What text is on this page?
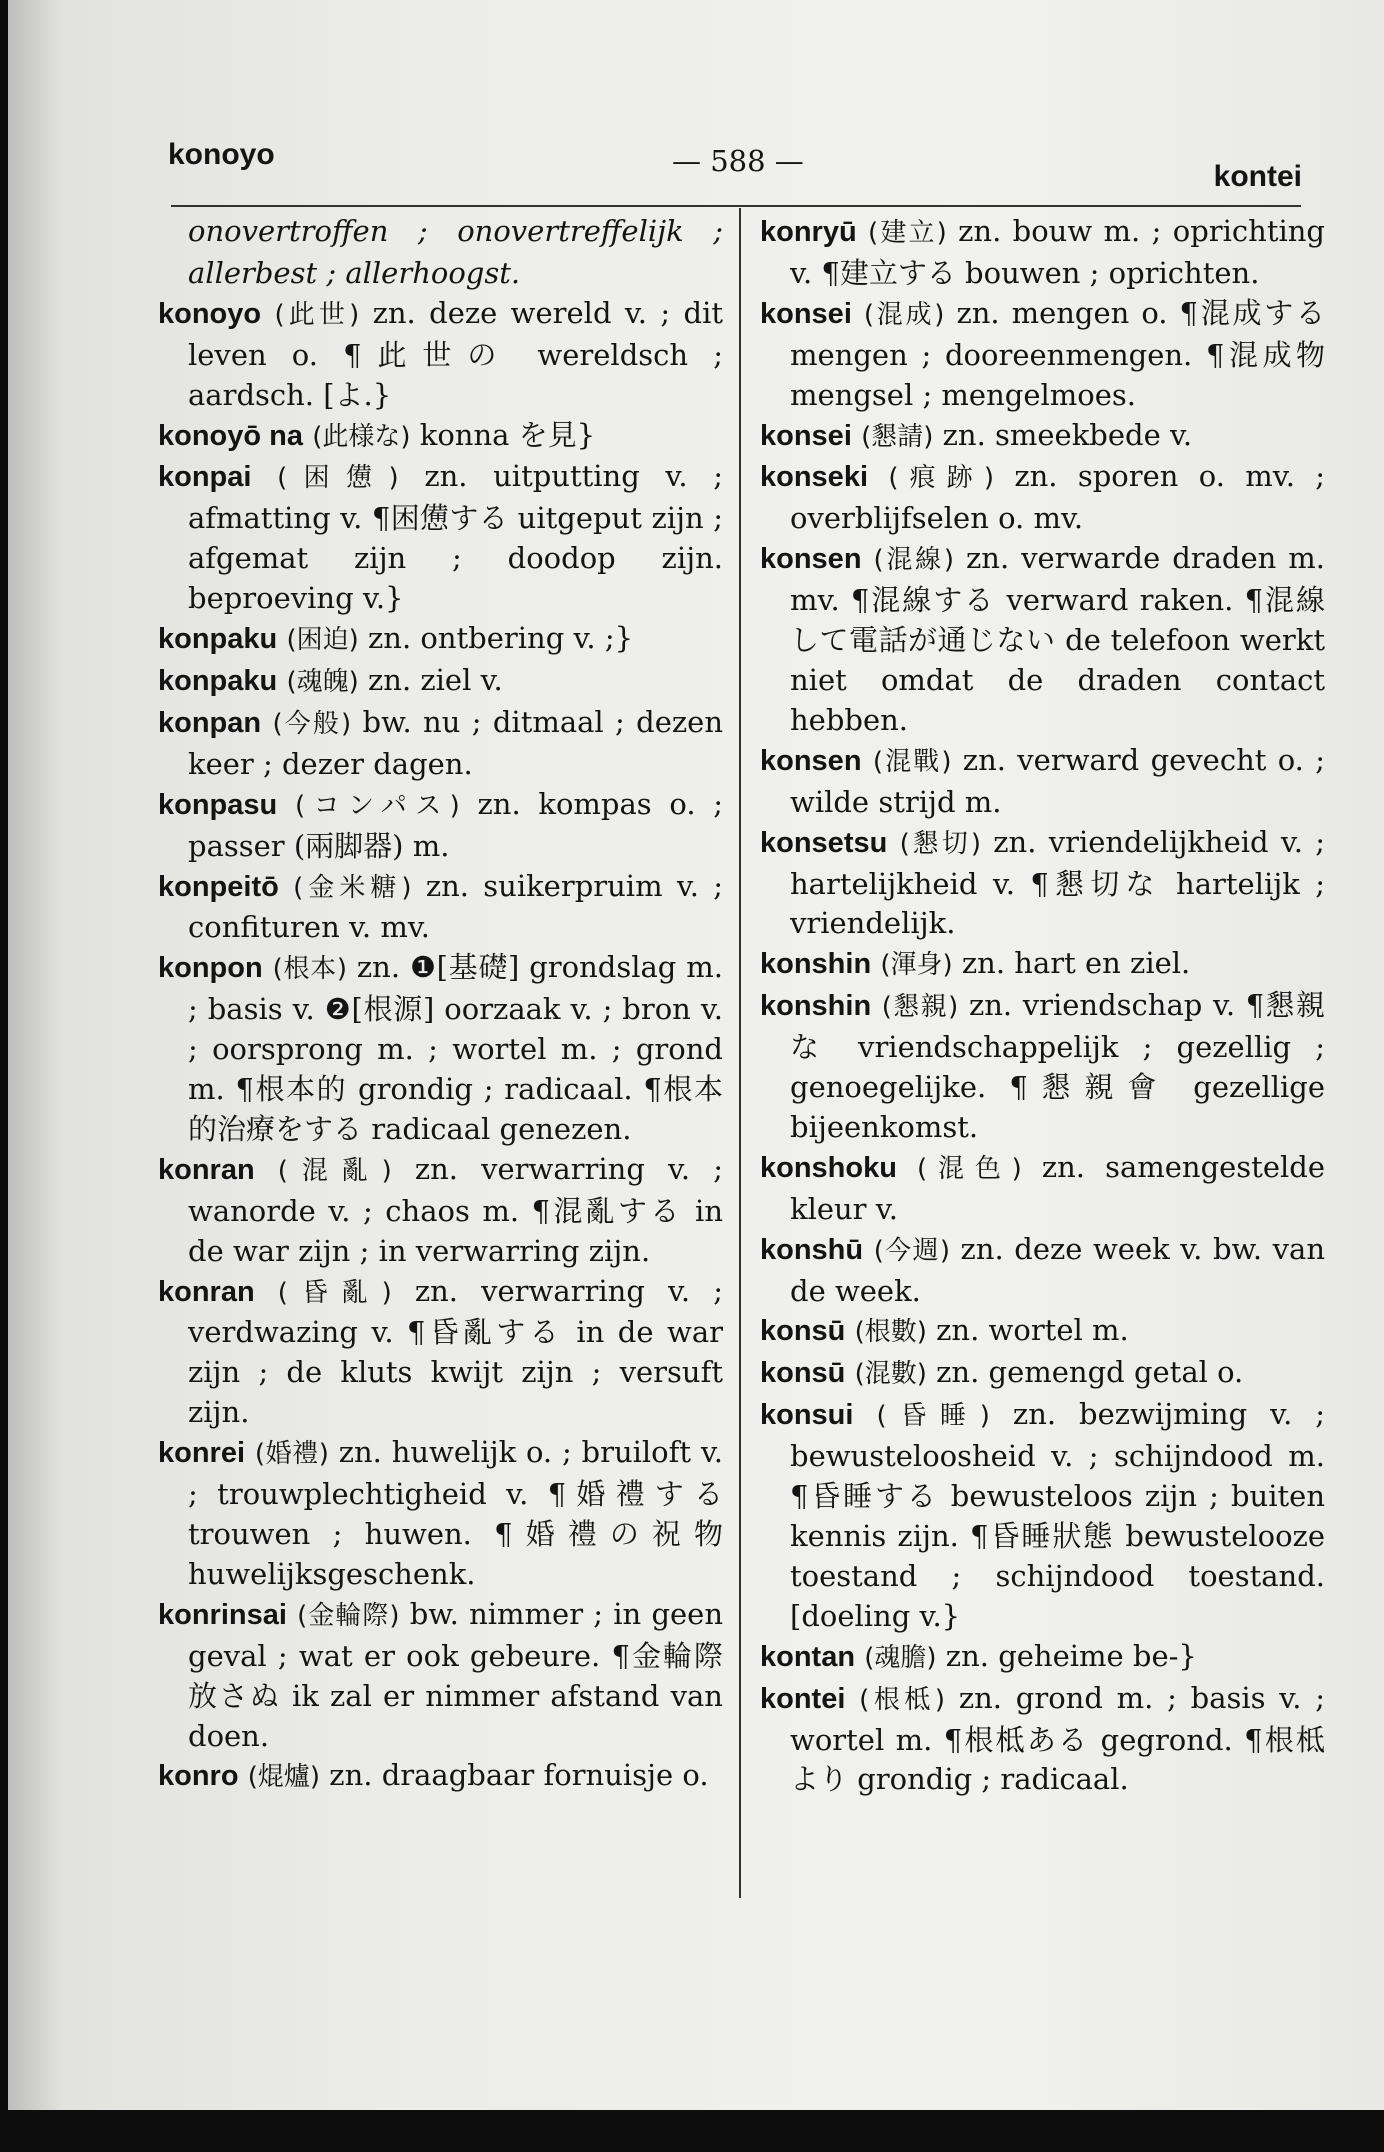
konoyo	— 588 —	kontei

onovertroffen ; onovertreffelijk ; allerbest ; allerhoogst.

konoyo (此世) zn. deze wereld v. ; dit leven o. ¶此世の wereldsch ; aardsch. [よ.}

konoyō na (此様な) konna を見}

konpai (困憊) zn. uitputting v. ; afmatting v. ¶困憊する uitgeput zijn ; afgemat zijn ; doodop zijn. beproeving v.}

konpaku (困迫) zn. ontbering v. ;}

konpaku (魂魄) zn. ziel v.

konpan (今般) bw. nu ; ditmaal ; dezen keer ; dezer dagen.

konpasu (コンパス) zn. kompas o. ; passer (兩脚器) m.

konpeitō (金米糖) zn. suikerpruim v. ; confituren v. mv.

konpon (根本) zn. ❶[基礎] grondslag m. ; basis v. ❷[根源] oorzaak v. ; bron v. ; oorsprong m. ; wortel m. ; grond m. ¶根本的 grondig ; radicaal. ¶根本的治療をする radicaal genezen.

konran (混亂) zn. verwarring v. ; wanorde v. ; chaos m. ¶混亂する in de war zijn ; in verwarring zijn.

konran (昏亂) zn. verwarring v. ; verdwazing v. ¶昏亂する in de war zijn ; de kluts kwijt zijn ; versuft zijn.

konrei (婚禮) zn. huwelijk o. ; bruiloft v. ; trouwplechtigheid v. ¶婚禮する trouwen ; huwen. ¶婚禮の祝物 huwelijksgeschenk.

konrinsai (金輪際) bw. nimmer ; in geen geval ; wat er ook gebeure. ¶金輪際放さぬ ik zal er nimmer afstand van doen.

konro (焜爐) zn. draagbaar fornuisje o.

konryū (建立) zn. bouw m. ; oprichting v. ¶建立する bouwen ; oprichten.

konsei (混成) zn. mengen o. ¶混成する mengen ; dooreenmengen. ¶混成物 mengsel ; mengelmoes.

konsei (懇請) zn. smeekbede v.

konseki (痕跡) zn. sporen o. mv. ; overblijfselen o. mv.

konsen (混線) zn. verwarde draden m. mv. ¶混線する verward raken. ¶混線して電話が通じない de telefoon werkt niet omdat de draden contact hebben.

konsen (混戰) zn. verward gevecht o. ; wilde strijd m.

konsetsu (懇切) zn. vriendelijkheid v. ; hartelijkheid v. ¶懇切な hartelijk ; vriendelijk.

konshin (渾身) zn. hart en ziel.

konshin (懇親) zn. vriendschap v. ¶懇親な vriendschappelijk ; gezellig ; genoegelijke. ¶懇親會 gezellige bijeenkomst.

konshoku (混色) zn. samengestelde kleur v.

konshū (今週) zn. deze week v. bw. van de week.

konsū (根數) zn. wortel m.

konsū (混數) zn. gemengd getal o.

konsui (昏睡) zn. bezwijming v. ; bewusteloosheid v. ; schijndood m. ¶昏睡する bewusteloos zijn ; buiten kennis zijn. ¶昏睡狀態 bewustelooze toestand ; schijndood toestand. [doeling v.}

kontan (魂膽) zn. geheime be-}

kontei (根柢) zn. grond m. ; basis v. ; wortel m. ¶根柢ある gegrond. ¶根柢より grondig ; radicaal.
